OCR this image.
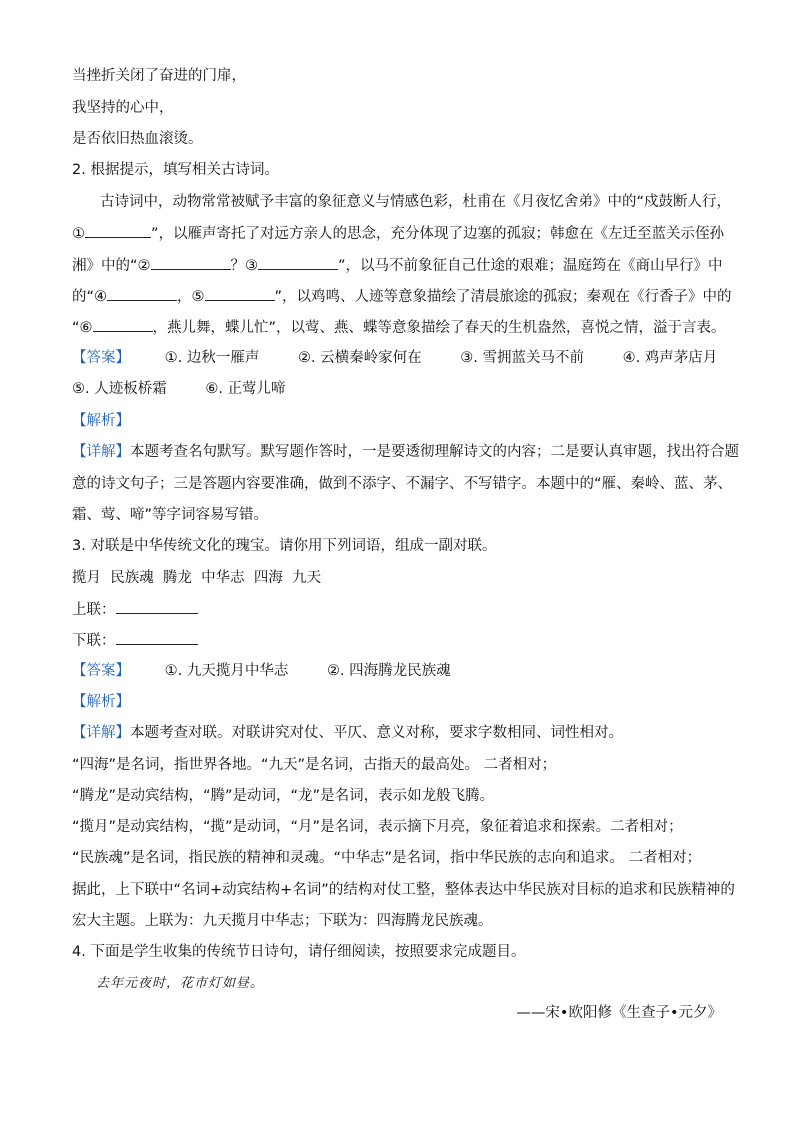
当挫折关闭了奋进的门扉，
我坚持的心中，
是否依旧热血滚烫。
2. 根据提示，填写相关古诗词。
古诗词中，动物常常被赋予丰富的象征意义与情感色彩，杜甫在《月夜忆舍弟》中的“戍鼓断人行，
①	”，以雁声寄托了对远方亲人的思念，充分体现了边塞的孤寂；韩愈在《左迁至蓝关示侄孙
湘》中的“②	？③	”，以马不前象征自己仕途的艰难；温庭筠在《商山早行》中
的“④	，⑤	”，以鸡鸣、人迹等意象描绘了清晨旅途的孤寂；秦观在《行香子》中的
“⑥	，燕儿舞，蝶儿忙”，以莺、燕、蝶等意象描绘了春天的生机盎然，喜悦之情，溢于言表。
【答案】 ①. 边秋一雁声	②. 云横秦岭家何在	③. 雪拥蓝关马不前	④. 鸡声茅店月
⑤. 人迹板桥霜	⑥. 正莺儿啼
【解析】
【详解】本题考查名句默写。默写题作答时，一是要透彻理解诗文的内容；二是要认真审题，找出符合题
意的诗文句子；三是答题内容要准确，做到不添字、不漏字、不写错字。本题中的“雁、秦岭、蓝、茅、
霜、莺、啼”等字词容易写错。
3. 对联是中华传统文化的瑰宝。请你用下列词语，组成一副对联。
揽月  民族魂  腾龙  中华志  四海  九天
上联：
下联：
【答案】 ①. 九天揽月中华志	②. 四海腾龙民族魂
【解析】
【详解】本题考查对联。对联讲究对仗、平仄、意义对称，要求字数相同、词性相对。
“四海”是名词，指世界各地。“九天”是名词，古指天的最高处。 二者相对；
“腾龙”是动宾结构，“腾”是动词，“龙”是名词，表示如龙般飞腾。
“揽月”是动宾结构，“揽”是动词，“月”是名词，表示摘下月亮，象征着追求和探索。二者相对；
“民族魂”是名词，指民族的精神和灵魂。“中华志”是名词，指中华民族的志向和追求。 二者相对；
据此，上下联中“名词+动宾结构+名词”的结构对仗工整，整体表达中华民族对目标的追求和民族精神的
宏大主题。上联为：九天揽月中华志；下联为：四海腾龙民族魂。
4. 下面是学生收集的传统节日诗句，请仔细阅读，按照要求完成题目。
去年元夜时，花市灯如昼。
——宋•欧阳修《生查子•元夕》
